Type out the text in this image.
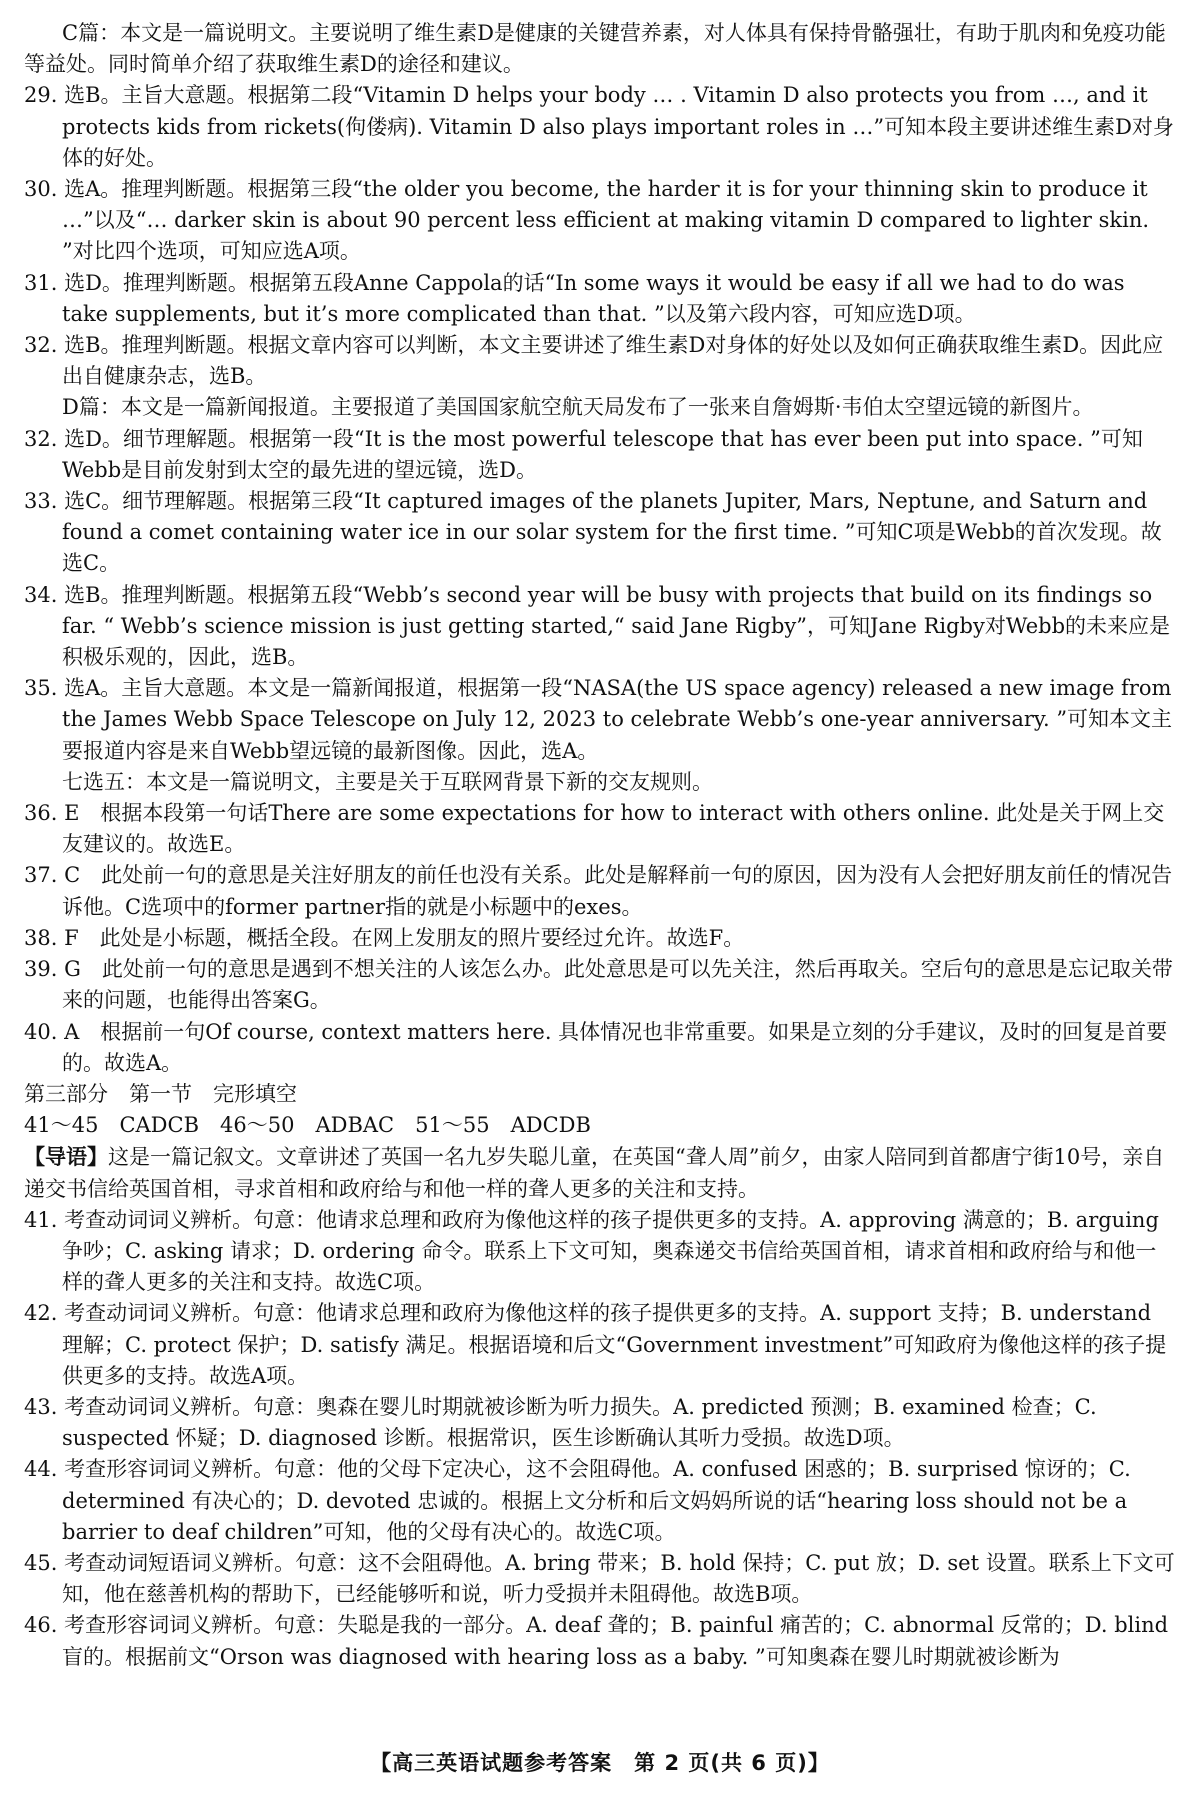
C篇：本文是一篇说明文。主要说明了维生素D是健康的关键营养素，对人体具有保持骨骼强壮，有助于肌肉和免疫功能等益处。同时简单介绍了获取维生素D的途径和建议。

29. 选B。主旨大意题。根据第二段“Vitamin D helps your body … . Vitamin D also protects you from …, and it protects kids from rickets(佝偻病). Vitamin D also plays important roles in …”可知本段主要讲述维生素D对身体的好处。

30. 选A。推理判断题。根据第三段“the older you become, the harder it is for your thinning skin to produce it …”以及“… darker skin is about 90 percent less efficient at making vitamin D compared to lighter skin. ”对比四个选项，可知应选A项。

31. 选D。推理判断题。根据第五段Anne Cappola的话“In some ways it would be easy if all we had to do was take supplements, but it’s more complicated than that. ”以及第六段内容，可知应选D项。

32. 选B。推理判断题。根据文章内容可以判断，本文主要讲述了维生素D对身体的好处以及如何正确获取维生素D。因此应出自健康杂志，选B。

D篇：本文是一篇新闻报道。主要报道了美国国家航空航天局发布了一张来自詹姆斯·韦伯太空望远镜的新图片。

32. 选D。细节理解题。根据第一段“It is the most powerful telescope that has ever been put into space. ”可知Webb是目前发射到太空的最先进的望远镜，选D。

33. 选C。细节理解题。根据第三段“It captured images of the planets Jupiter, Mars, Neptune, and Saturn and found a comet containing water ice in our solar system for the first time. ”可知C项是Webb的首次发现。故选C。

34. 选B。推理判断题。根据第五段“Webb’s second year will be busy with projects that build on its findings so far. “ Webb’s science mission is just getting started,“ said Jane Rigby”，可知Jane Rigby对Webb的未来应是积极乐观的，因此，选B。

35. 选A。主旨大意题。本文是一篇新闻报道，根据第一段“NASA(the US space agency) released a new image from the James Webb Space Telescope on July 12, 2023 to celebrate Webb’s one-year anniversary. ”可知本文主要报道内容是来自Webb望远镜的最新图像。因此，选A。

七选五：本文是一篇说明文，主要是关于互联网背景下新的交友规则。

36. E　根据本段第一句话There are some expectations for how to interact with others online. 此处是关于网上交友建议的。故选E。

37. C　此处前一句的意思是关注好朋友的前任也没有关系。此处是解释前一句的原因，因为没有人会把好朋友前任的情况告诉他。C选项中的former partner指的就是小标题中的exes。

38. F　此处是小标题，概括全段。在网上发朋友的照片要经过允许。故选F。

39. G　此处前一句的意思是遇到不想关注的人该怎么办。此处意思是可以先关注，然后再取关。空后句的意思是忘记取关带来的问题，也能得出答案G。

40. A　根据前一句Of course, context matters here. 具体情况也非常重要。如果是立刻的分手建议，及时的回复是首要的。故选A。

第三部分　第一节　完形填空

41～45　CADCB　46～50　ADBAC　51～55　ADCDB

【导语】这是一篇记叙文。文章讲述了英国一名九岁失聪儿童，在英国“聋人周”前夕，由家人陪同到首都唐宁街10号，亲自递交书信给英国首相，寻求首相和政府给与和他一样的聋人更多的关注和支持。

41. 考查动词词义辨析。句意：他请求总理和政府为像他这样的孩子提供更多的支持。A. approving 满意的；B. arguing 争吵；C. asking 请求；D. ordering 命令。联系上下文可知，奥森递交书信给英国首相，请求首相和政府给与和他一样的聋人更多的关注和支持。故选C项。

42. 考查动词词义辨析。句意：他请求总理和政府为像他这样的孩子提供更多的支持。A. support 支持；B. understand 理解；C. protect 保护；D. satisfy 满足。根据语境和后文“Government investment”可知政府为像他这样的孩子提供更多的支持。故选A项。

43. 考查动词词义辨析。句意：奥森在婴儿时期就被诊断为听力损失。A. predicted 预测；B. examined 检查；C. suspected 怀疑；D. diagnosed 诊断。根据常识，医生诊断确认其听力受损。故选D项。

44. 考查形容词词义辨析。句意：他的父母下定决心，这不会阻碍他。A. confused 困惑的；B. surprised 惊讶的；C. determined 有决心的；D. devoted 忠诚的。根据上文分析和后文妈妈所说的话“hearing loss should not be a barrier to deaf children”可知，他的父母有决心的。故选C项。

45. 考查动词短语词义辨析。句意：这不会阻碍他。A. bring 带来；B. hold 保持；C. put 放；D. set 设置。联系上下文可知，他在慈善机构的帮助下，已经能够听和说，听力受损并未阻碍他。故选B项。

46. 考查形容词词义辨析。句意：失聪是我的一部分。A. deaf 聋的；B. painful 痛苦的；C. abnormal 反常的；D. blind 盲的。根据前文“Orson was diagnosed with hearing loss as a baby. ”可知奥森在婴儿时期就被诊断为

【高三英语试题参考答案　第 2 页(共 6 页)】
